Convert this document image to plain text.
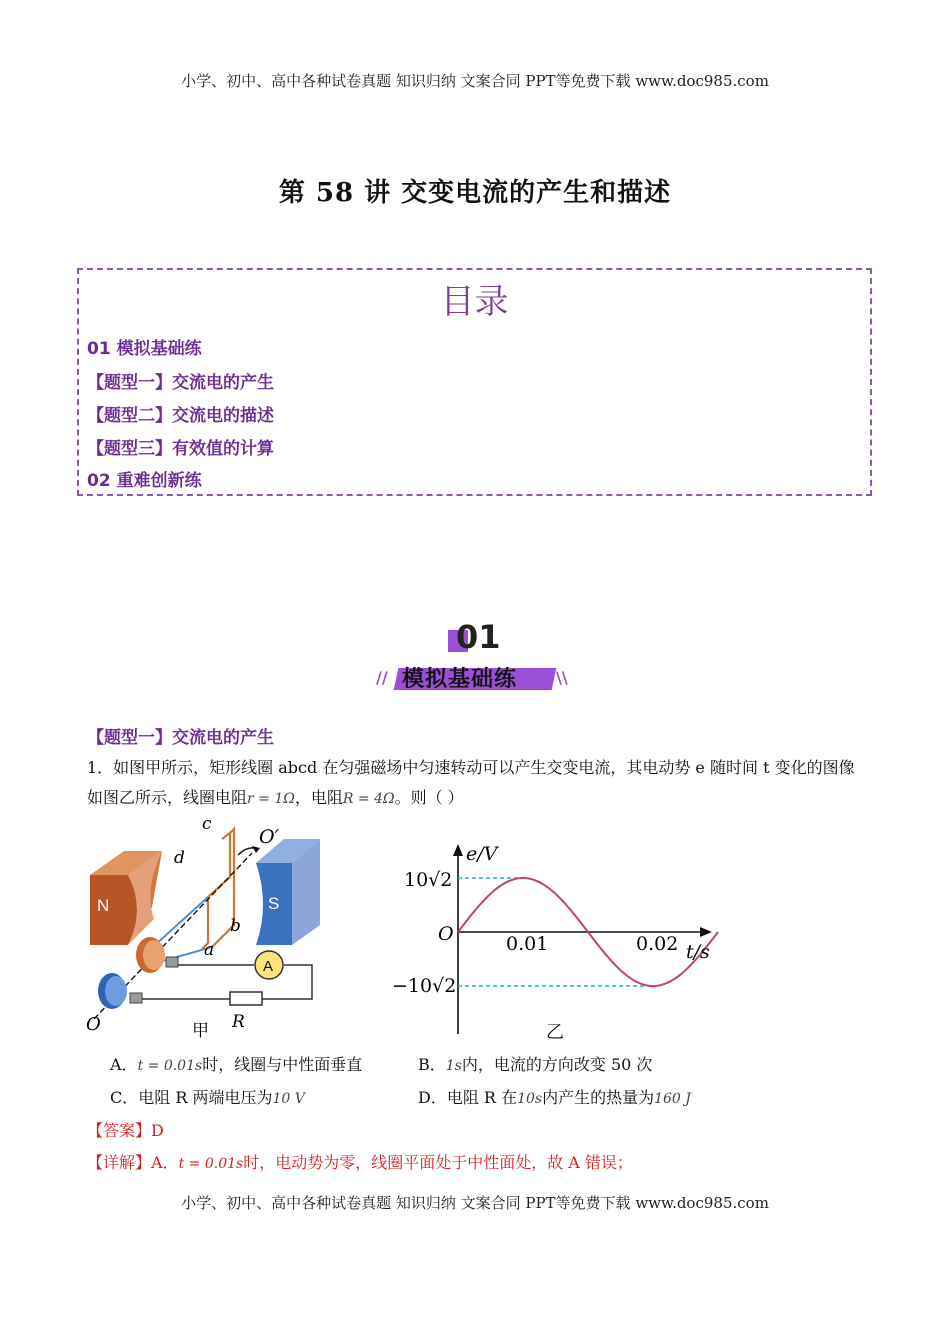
小学、初中、高中各种试卷真题 知识归纳 文案合同 PPT等免费下载 www.doc985.com
第 58 讲 交变电流的产生和描述
目录
01 模拟基础练
【题型一】交流电的产生
【题型二】交流电的描述
【题型三】有效值的计算
02 重难创新练
01
模拟基础练
//	\\
【题型一】交流电的产生
1．如图甲所示，矩形线圈 abcd 在匀强磁场中匀速转动可以产生交变电流，其电动势 e 随时间 t 变化的图像
如图乙所示，线圈电阻r = 1Ω，电阻R = 4Ω。则（ ）
N	S
A
c
d
b
a
O′
O	R
甲
e/V
t/s
O
10√2
−10√2
0.01	0.02
乙
A．t = 0.01s时，线圈与中性面垂直	B．1s内，电流的方向改变 50 次
C．电阻 R 两端电压为10 V	D．电阻 R 在10s内产生的热量为160 J
【答案】D
【详解】A．t = 0.01s时，电动势为零，线圈平面处于中性面处，故 A 错误；
小学、初中、高中各种试卷真题 知识归纳 文案合同 PPT等免费下载 www.doc985.com
